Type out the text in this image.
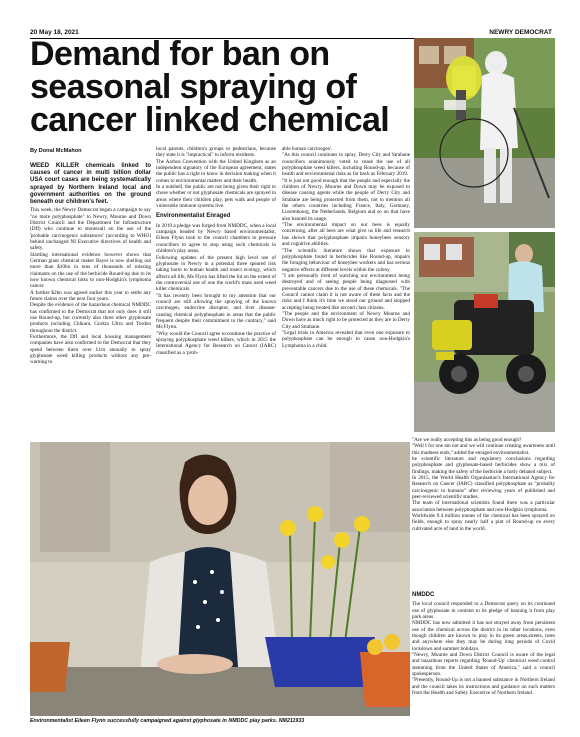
20 May 18, 2021	NEWRY DEMOCRAT
Demand for ban on seasonal spraying of cancer linked chemical
By Donal McMahon

WEED KILLER chemicals linked to causes of cancer in multi billion dollar USA court cases are being systematically sprayed by Northern Ireland local and government authorities on the ground beneath our children's feet.

This week, the Newry Democrat began a campaign to say "no more polyphosphate" to Newry, Mourne and Down District Council and the Department for Infrastructure (DfI) who continue to stonewall on the use of the 'probable carcinogenic substances' (according to WHO) behind unchanged NI Executive directives of health and safety.

Startling international evidence however shows that German giant chemical maker Bayer is now shelling out more than $10bn in tens of thousands of missing claimants on the use of the herbicide Round-up due to its now known chemical links to non-Hodgkin's lymphoma cancer.

A further $2bn was agreed earlier this year to settle any future claims over the next four years.

Despite the evidence of the hazardous chemical NMDDC has confirmed to the Democrat that not only does it still use Round-up, but currently also three other glyphosate products including Chikara, Gorkin Ultra and Tordon throughout the district.

Furthermore, the DfI and local housing management companies have also confirmed to the Democrat that they spend between them over £1m annually to spray glyphosate weed killing products without any pre-warning to

local parents, children's groups or pedestrians, because they state it is "impractical" to inform residents.

The Aarhus Convention with the United Kingdom as an independent signatory of the European agreement, states the public has a right to know in decision making when it comes to environmental matters and their health.

In a nutshell, the public are not being given their right to chose whether or not glyphosate chemicals are sprayed in areas where their children play, pets walk and people of vulnerable immune systems live.

Environmentalist Enraged

In 2019 a pledge was forged from NMDDC, when a local campaign headed by Newry based environmentalist, Eileen Flynn took to the council chambers to pressure councillors to agree to stop using such chemicals in children's play areas.

Following updates of the present high level use of glyphosate in Newry in a potential three speared risk taking harm to human health and insect ecology, which affects all life, Ms Flynn has lifted the lid on the extent of the controversial use of one the world's mass used weed killer chemicals.

"It has recently been brought to my attention that our council are still allowing the spraying of the known carcinogen, endocrine disruptor, and liver disease-causing chemical polyphosphate in areas that the public frequent despite their commitment to the contrary," said Ms Flynn.

"Why would the Council agree to continue the practice of spraying polyphosphate weed killers, which in 2015 the International Agency for Research on Cancer (IARC) classified as a 'prob-

able human carcinogen'.

"As this council continues to spray, Derry City and Strabane councillors unanimously voted to cease the use of all polyphosphate weed killers, including Round-up, because of health and environmental risks as far back as February 2019.

"It is just not good enough that the people and especially the children of Newry, Mourne and Down may be exposed to disease causing agents while the people of Derry City and Strabane are being protected from them, not to mention all the others countries including France, Italy, Germany, Luxembourg, the Netherlands, Belgium and so on that have also banned its usage.

"The environmental impact on our bees is equally concerning, after all bees are what give us life and research has shown that polyphosphate impairs honeybees sensory and cognitive abilities.

"The scientific literature shows that exposure to polyphosphate found in herbicides like Round-up, impairs the foraging behaviour of honeybee workers and has serious negative effects at different levels within the colony.

"I am personally tired of watching our environment being destroyed and of seeing people being diagnosed with preventable cancers due to the use of these chemicals. "The Council cannot claim it is not aware of these facts and the risks and I think it's time we stood our ground and stopped accepting being treated like second class citizens.

"The people and the environment of Newry Mourne and Down have as much right to be protected as they are in Derry City and Strabane.

"Legal trials in America revealed that even one exposure to polyphosphate can be enough to cause non-Hodgkin's Lymphoma in a child.

Environmentalist Eileen Flynn successfully campaigned against glyphosate in NMDDC play parks. NM211933

"Are we really accepting this as being good enough?

"Well I for one am not and we will continue creating awareness until this madness ends," added the enraged environmentalist.

he scientific literature and regulatory conclusions regarding polyphosphate and glyphosate-based herbicides show a mix of findings, making the safety of the herbicide a hotly debated subject.

In 2015, the World Health Organisation's International Agency for Research on Cancer (IARC) classified polyphosphate as "probably carcinogenic to humans" after reviewing years of published and peer-reviewed scientific studies.

The team of international scientists found there was a particular association between polyphosphate and non-Hodgkin lymphoma.

Worldwide 9.4 million tonnes of the chemical has been sprayed on fields, enough to spray nearly half a pint of Round-up on every cultivated acre of land in the world.

NMDDC

The local council responded to a Democrat query on its continued use of glyphosate in contrast to its pledge of banning it from play park areas.

NMDDC has now admitted it has not strayed away from persistent use of the chemical across the district in its other locations, even though children are known to play in its green areas,streets, trees and anywhere else they may be during long periods of Covid lockdown and summer holidays.

"Newry, Mourne and Down District Council is aware of the legal and hazardous reports regarding 'Round-Up' chemical weed control stemming from the United States of America," said a council spokesperson.

"Presently, Round-Up is not a banned substance in Northern Ireland and the council takes its instructions and guidance on such matters from the Health and Safety Executive of Northern Ireland.
